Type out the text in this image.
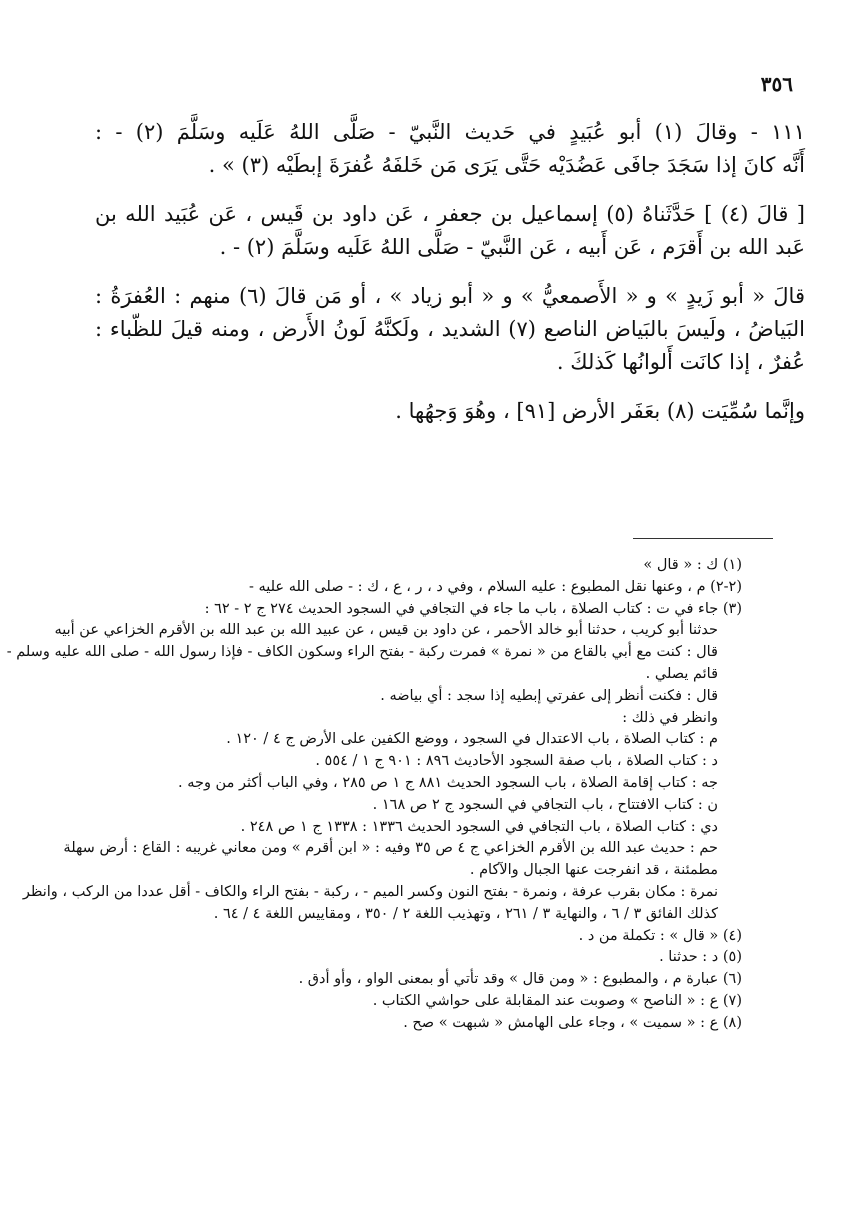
٣٥٦
١١١ - وقالَ (١) أبو عُبَيدٍ في حَديث النَّبيّ - صَلَّى اللهُ عَلَيه وسَلَّمَ (٢) - :
أَنَّه كانَ إذا سَجَدَ جافَى عَضُدَيْه حَتَّى يَرَى مَن خَلفَهُ عُفرَةَ إبطَيْه (٣) » .
[ قالَ (٤) ] حَدَّثَناهُ (٥) إسماعيل بن جعفر ، عَن داود بن قَيس ، عَن عُبَيد الله بن
عَبد الله بن أَقرَم ، عَن أَبيه ، عَن النَّبيّ - صَلَّى اللهُ عَلَيه وسَلَّمَ (٢) - .
قالَ « أبو زَيدٍ » و « الأَصمعيُّ » و « أبو زياد » ، أو مَن قالَ (٦) منهم : العُفرَةُ :
البَياضُ ، ولَيسَ بالبَياض الناصع (٧) الشديد ، ولَكنَّهُ لَونُ الأَرض ، ومنه قيلَ للظّباء :
عُفرٌ ، إذا كانَت أَلوانُها كَذلكَ .
وإنَّما سُمِّيَت (٨) بعَفَر الأرض [٩١] ، وهُوَ وَجهُها .
(١) ك : « قال »
(٢-٢) م ، وعنها نقل المطبوع : عليه السلام ، وفي د ، ر ، ع ، ك : - صلى الله عليه -
(٣) جاء في ت : كتاب الصلاة ، باب ما جاء في التجافي في السجود الحديث ٢٧٤ ج ٢ - ٦٢ :
حدثنا أبو كريب ، حدثنا أبو خالد الأحمر ، عن داود بن قيس ، عن عبيد الله بن عبد الله بن الأقرم الخزاعي عن أبيه
قال : كنت مع أبي بالقاع من « نمرة » فمرت ركبة - بفتح الراء وسكون الكاف - فإذا رسول الله - صلى الله عليه وسلم -
قائم يصلي .
قال : فكنت أنظر إلى عفرتي إبطيه إذا سجد : أي بياضه .
وانظر في ذلك :
م : كتاب الصلاة ، باب الاعتدال في السجود ، ووضع الكفين على الأرض ج ٤ / ١٢٠ .
د : كتاب الصلاة ، باب صفة السجود الأحاديث ٨٩٦ : ٩٠١ ج ١ / ٥٥٤ .
جه : كتاب إقامة الصلاة ، باب السجود الحديث ٨٨١ ج ١ ص ٢٨٥ ، وفي الباب أكثر من وجه .
ن : كتاب الافتتاح ، باب التجافي في السجود ج ٢ ص ١٦٨ .
دي : كتاب الصلاة ، باب التجافي في السجود الحديث ١٣٣٦ : ١٣٣٨ ج ١ ص ٢٤٨ .
حم : حديث عبد الله بن الأقرم الخزاعي ج ٤ ص ٣٥ وفيه : « ابن أقرم » ومن معاني غريبه : القاع : أرض سهلة
مطمئنة ، قد انفرجت عنها الجبال والآكام .
نمرة : مكان بقرب عرفة ، ونمرة - بفتح النون وكسر الميم - ، ركبة - بفتح الراء والكاف - أقل عددا من الركب ، وانظر
كذلك الفائق ٣ / ٦ ، والنهاية ٣ / ٢٦١ ، وتهذيب اللغة ٢ / ٣٥٠ ، ومقاييس اللغة ٤ / ٦٤ .
(٤) « قال » : تكملة من د .
(٥) د : حدثنا .
(٦) عبارة م ، والمطبوع : « ومن قال » وقد تأتي أو بمعنى الواو ، وأو أدق .
(٧) ع : « الناصح » وصوبت عند المقابلة على حواشي الكتاب .
(٨) ع : « سميت » ، وجاء على الهامش « شبهت » صح .
